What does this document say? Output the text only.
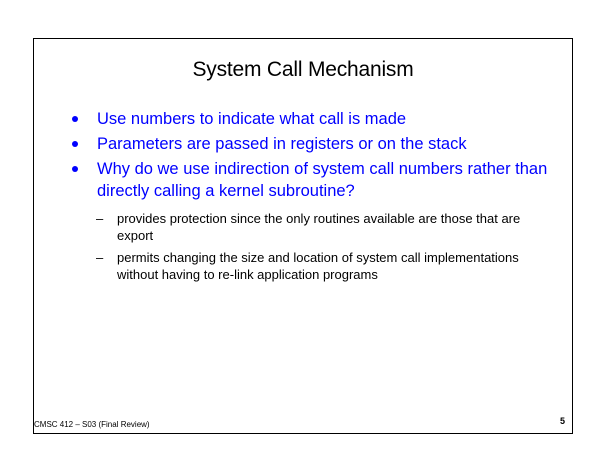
System Call Mechanism
Use numbers to indicate what call is made
Parameters are passed in registers or on the stack
Why do we use indirection of system call numbers rather than directly calling a kernel subroutine?
– provides protection since the only routines available are those that are export
– permits changing the size and location of system call implementations without having to re-link application programs
CMSC 412 – S03 (Final Review)	5
